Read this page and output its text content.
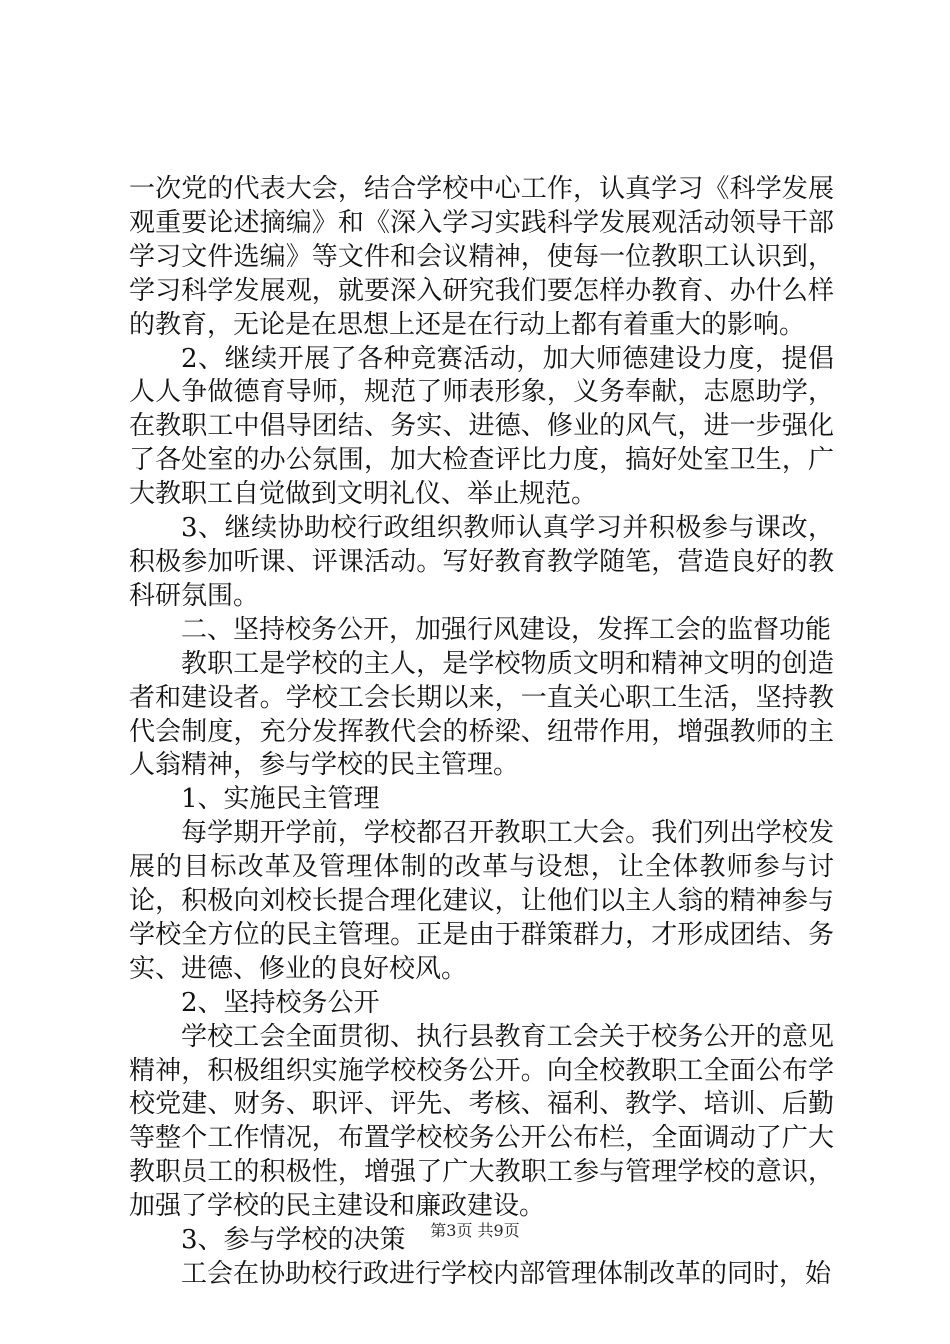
一次党的代表大会，结合学校中心工作，认真学习《科学发展观重要论述摘编》和《深入学习实践科学发展观活动领导干部学习文件选编》等文件和会议精神，使每一位教职工认识到，学习科学发展观，就要深入研究我们要怎样办教育、办什么样的教育，无论是在思想上还是在行动上都有着重大的影响。

2、继续开展了各种竞赛活动，加大师德建设力度，提倡人人争做德育导师，规范了师表形象，义务奉献，志愿助学，在教职工中倡导团结、务实、进德、修业的风气，进一步强化了各处室的办公氛围，加大检查评比力度，搞好处室卫生，广大教职工自觉做到文明礼仪、举止规范。

3、继续协助校行政组织教师认真学习并积极参与课改，积极参加听课、评课活动。写好教育教学随笔，营造良好的教科研氛围。

二、坚持校务公开，加强行风建设，发挥工会的监督功能

教职工是学校的主人，是学校物质文明和精神文明的创造者和建设者。学校工会长期以来，一直关心职工生活，坚持教代会制度，充分发挥教代会的桥梁、纽带作用，增强教师的主人翁精神，参与学校的民主管理。

1、实施民主管理

每学期开学前，学校都召开教职工大会。我们列出学校发展的目标改革及管理体制的改革与设想，让全体教师参与讨论，积极向刘校长提合理化建议，让他们以主人翁的精神参与学校全方位的民主管理。正是由于群策群力，才形成团结、务实、进德、修业的良好校风。

2、坚持校务公开

学校工会全面贯彻、执行县教育工会关于校务公开的意见精神，积极组织实施学校校务公开。向全校教职工全面公布学校党建、财务、职评、评先、考核、福利、教学、培训、后勤等整个工作情况，布置学校校务公开公布栏，全面调动了广大教职员工的积极性，增强了广大教职工参与管理学校的意识，加强了学校的民主建设和廉政建设。

3、参与学校的决策

工会在协助校行政进行学校内部管理体制改革的同时，始

第3页 共9页
